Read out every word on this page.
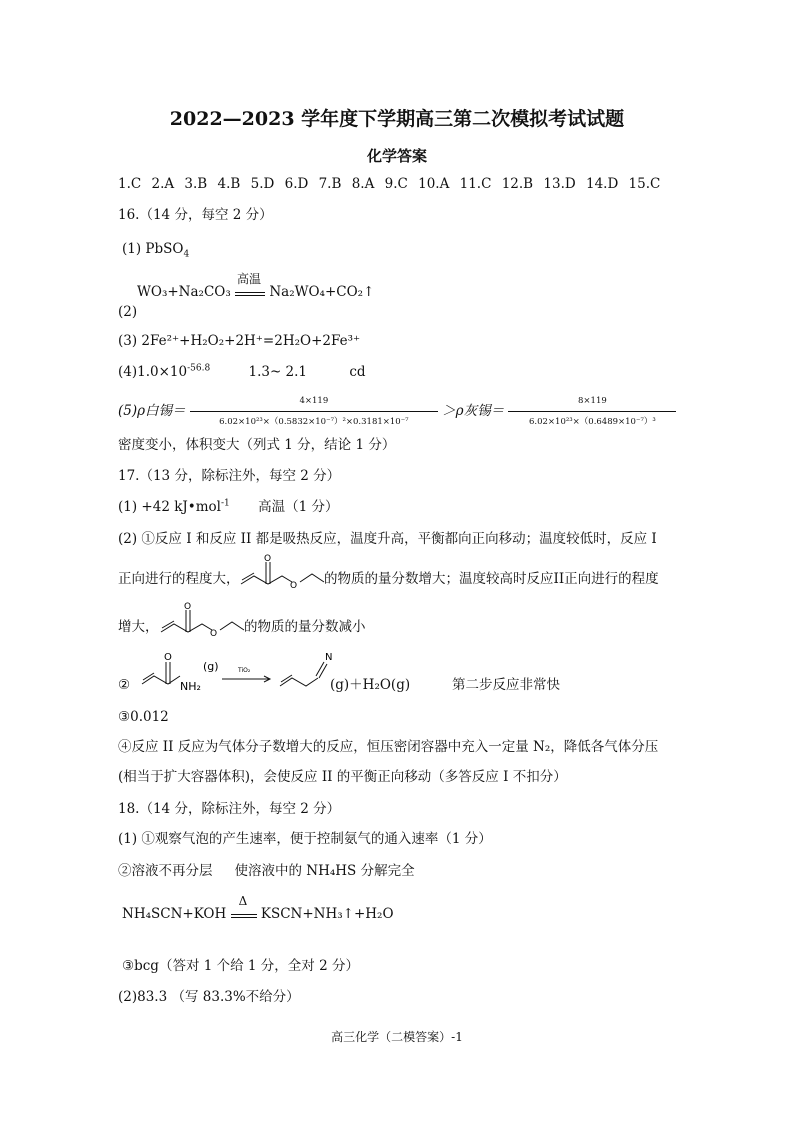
2022—2023 学年度下学期高三第二次模拟考试试题
化学答案
1.C 2.A 3.B 4.B 5.D 6.D 7.B 8.A 9.C 10.A 11.C 12.B 13.D 14.D 15.C
16.（14 分，每空 2 分）
(1) PbSO$_4$
WO₃+Na₂CO₃
高温
Na₂WO₄+CO₂↑
(2)
(3) 2Fe²⁺+H₂O₂+2H⁺=2H₂O+2Fe³⁺
$(4)1.0\times 10^{-56.8}$	1.3~ 2.1	cd
(5)ρ白锡＝ $\frac{4\times 119}{\text{6.02×10²³×（0.5832×10⁻⁷）²×0.3181×10⁻⁷}} >\rho$灰锡＝ $\frac{8\times 119}{\text{6.02×10²³×（0.6489×10⁻⁷）³}}$
密度变小，体积变大（列式 1 分，结论 1 分）
17.（13 分，除标注外，每空 2 分）
(1) +42 kJ•mol$^{-1}$ 高温（1 分）
(2) ①反应 I 和反应 II 都是吸热反应，温度升高，平衡都向正向移动；温度较低时，反应 I
正向进行的程度大，
O
O 的物质的量分数增大；温度较高时反应II正向进行的程度
增大，
O
O 的物质的量分数减小
②
O
NH₂
(g)	TiO₂
N
(g)＋H₂O(g)	第二步反应非常快
③0.012
④反应 II 反应为气体分子数增大的反应，恒压密闭容器中充入一定量 N₂，降低各气体分压
(相当于扩大容器体积)，会使反应 II 的平衡正向移动（多答反应 I 不扣分）
18.（14 分，除标注外，每空 2 分）
(1) ①观察气泡的产生速率，便于控制氨气的通入速率（1 分）
②溶液不再分层 使溶液中的 NH₄HS 分解完全
NH₄SCN+KOH
Δ
KSCN+NH₃↑+H₂O
③bcg（答对 1 个给 1 分，全对 2 分）
(2)83.3 （写 83.3%不给分）
高三化学（二模答案）-1
